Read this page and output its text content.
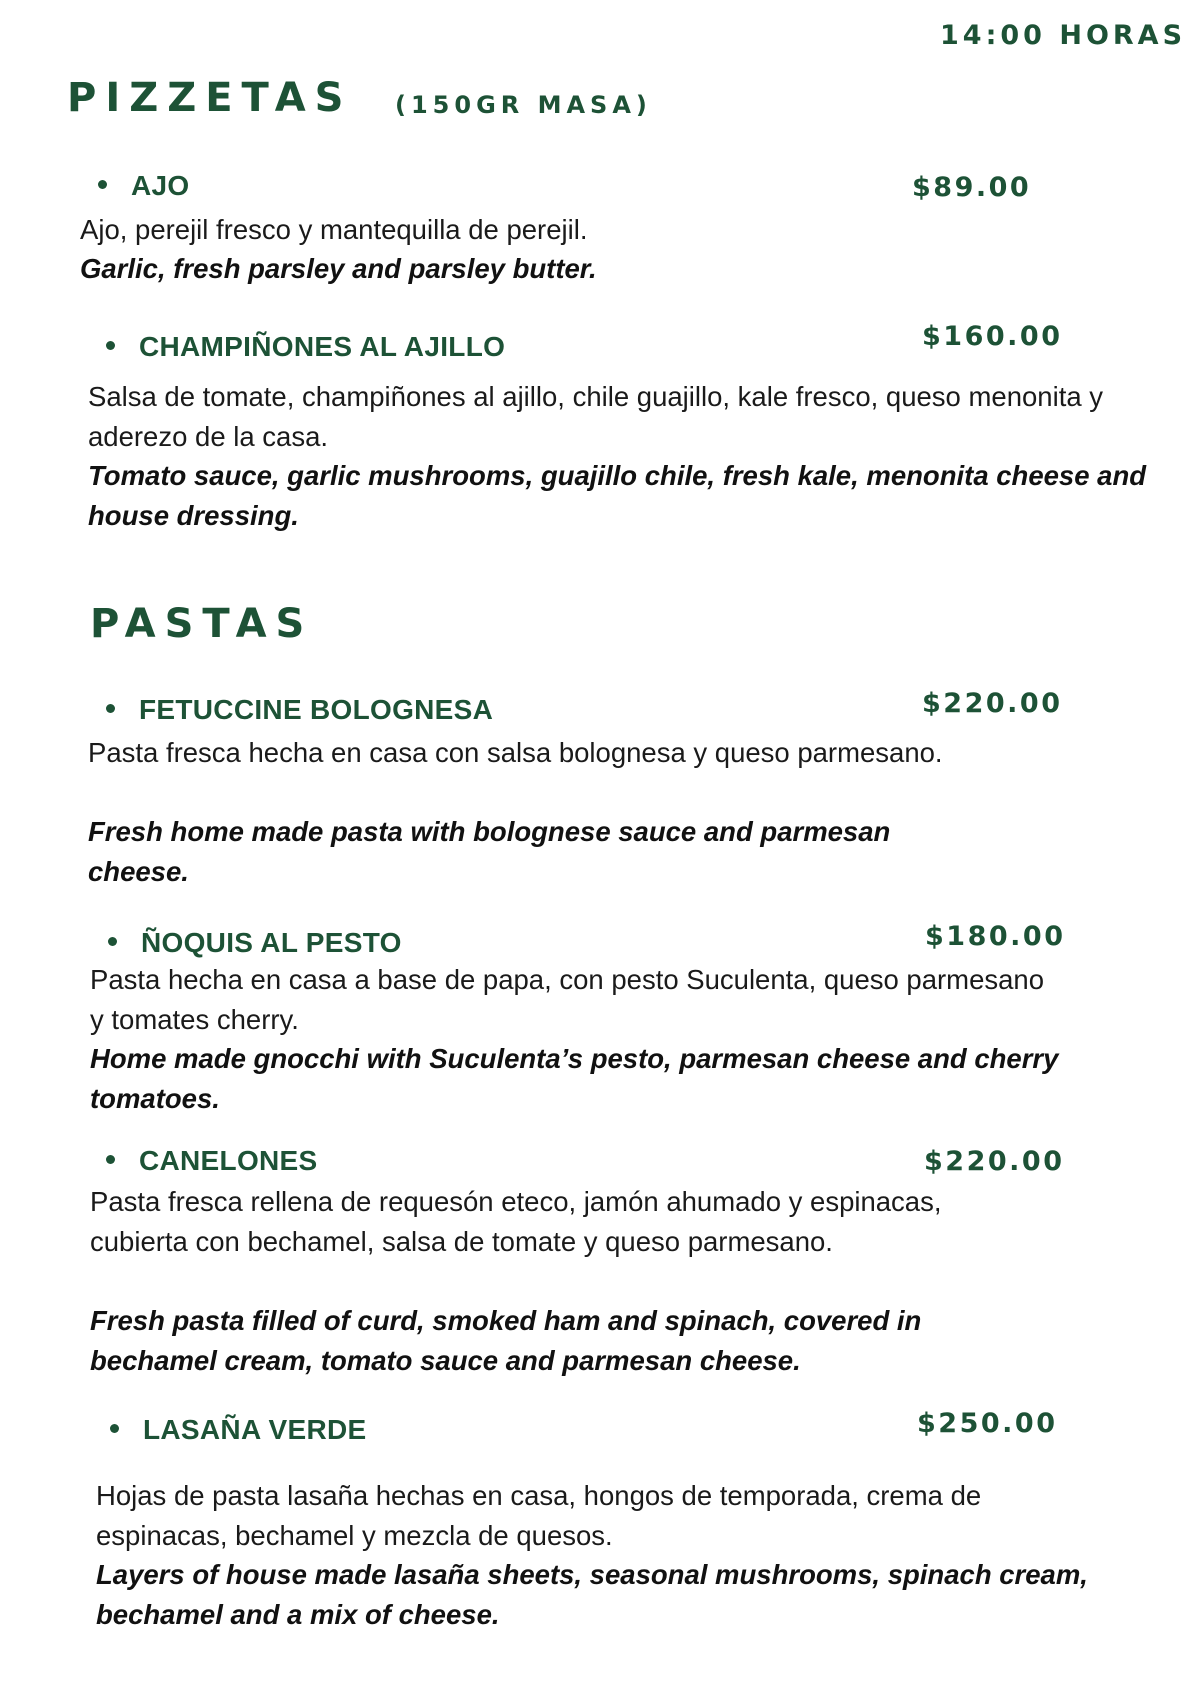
14:00 HORAS
PIZZETAS (150GR MASA)
AJO	$89.00
Ajo, perejil fresco y mantequilla de perejil.
Garlic, fresh parsley and parsley butter.
CHAMPIÑONES AL AJILLO	$160.00
Salsa de tomate, champiñones al ajillo, chile guajillo, kale fresco, queso menonita y aderezo de la casa.
Tomato sauce, garlic mushrooms, guajillo chile, fresh kale, menonita cheese and house dressing.
PASTAS
FETUCCINE BOLOGNESA	$220.00
Pasta fresca hecha en casa con salsa bolognesa y queso parmesano.
Fresh home made pasta with bolognese sauce and parmesan cheese.
ÑOQUIS AL PESTO	$180.00
Pasta hecha en casa a base de papa, con pesto Suculenta, queso parmesano y tomates cherry.
Home made gnocchi with Suculenta’s pesto, parmesan cheese and cherry tomatoes.
CANELONES	$220.00
Pasta fresca rellena de requesón eteco, jamón ahumado y espinacas, cubierta con bechamel, salsa de tomate y queso parmesano.
Fresh pasta filled of curd, smoked ham and spinach, covered in bechamel cream, tomato sauce and parmesan cheese.
LASAÑA VERDE	$250.00
Hojas de pasta lasaña hechas en casa, hongos de temporada, crema de espinacas, bechamel y mezcla de quesos.
Layers of house made lasaña sheets, seasonal mushrooms, spinach cream, bechamel and a mix of cheese.
